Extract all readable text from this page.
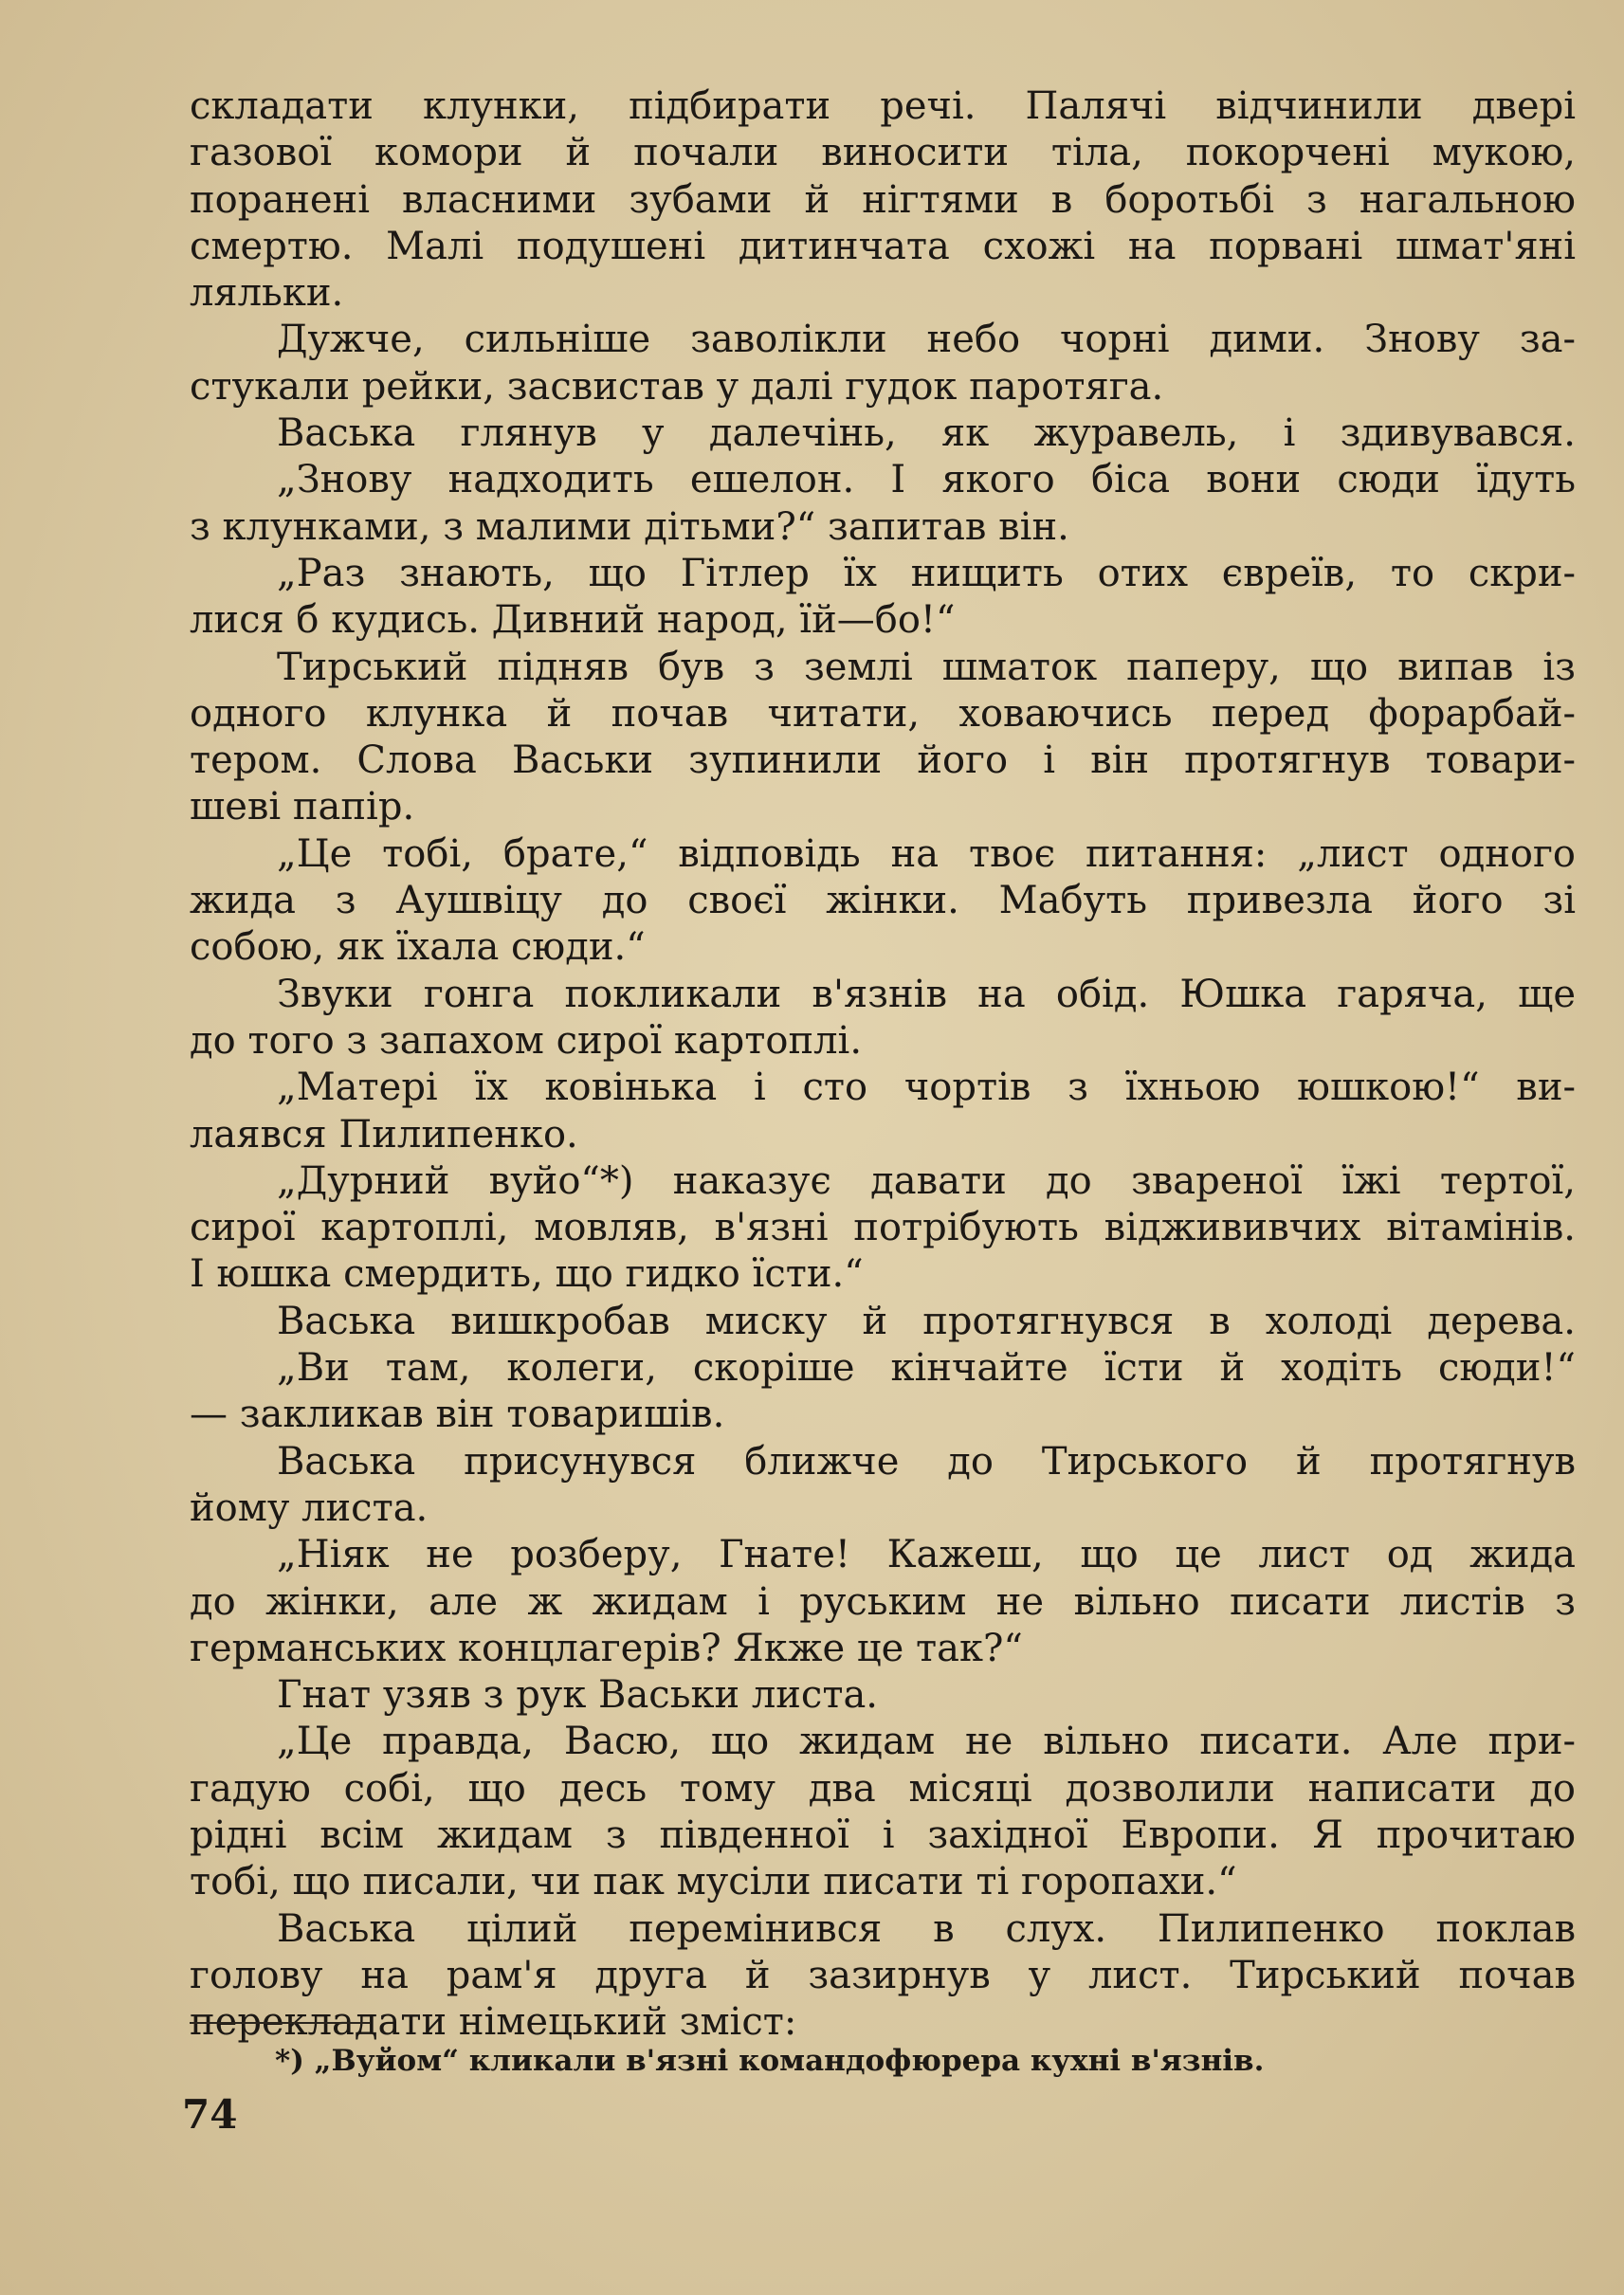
складати клунки, підбирати речі. Палячі відчинили двері
газової комори й почали виносити тіла, покорчені мукою,
поранені власними зубами й нігтями в боротьбі з нагальною
смертю. Малі подушені дитинчата схожі на порвані шмат'яні
ляльки.
Дужче, сильніше заволікли небо чорні дими. Знову за-
стукали рейки, засвистав у далі гудок паротяга.
Васька глянув у далечінь, як журавель, і здивувався.
„Знову надходить ешелон. І якого біса вони сюди їдуть
з клунками, з малими дітьми?“ запитав він.
„Раз знають, що Гітлер їх нищить отих євреїв, то скри-
лися б кудись. Дивний народ, їй—бо!“
Тирський підняв був з землі шматок паперу, що випав із
одного клунка й почав читати, ховаючись перед форарбай-
тером. Слова Васьки зупинили його і він протягнув товари-
шеві папір.
„Це тобі, брате,“ відповідь на твоє питання: „лист одного
жида з Аушвіцу до своєї жінки. Мабуть привезла його зі
собою, як їхала сюди.“
Звуки гонга покликали в'язнів на обід. Юшка гаряча, ще
до того з запахом сирої картоплі.
„Матері їх ковінька і сто чортів з їхньою юшкою!“ ви-
лаявся Пилипенко.
„Дурний вуйо“*) наказує давати до звареної їжі тертої,
сирої картоплі, мовляв, в'язні потрібують віджививчих вітамінів.
І юшка смердить, що гидко їсти.“
Васька вишкробав миску й протягнувся в холоді дерева.
„Ви там, колеги, скоріше кінчайте їсти й ходіть сюди!“
— закликав він товаришів.
Васька присунувся ближче до Тирського й протягнув
йому листа.
„Ніяк не розберу, Гнате! Кажеш, що це лист од жида
до жінки, але ж жидам і руським не вільно писати листів з
германських концлагерів? Якже це так?“
Гнат узяв з рук Васьки листа.
„Це правда, Васю, що жидам не вільно писати. Але при-
гадую собі, що десь тому два місяці дозволили написати до
рідні всім жидам з південної і західної Европи. Я прочитаю
тобі, що писали, чи пак мусіли писати ті горопахи.“
Васька цілий перемінився в слух. Пилипенко поклав
голову на рам'я друга й зазирнув у лист. Тирський почав
перекладати німецький зміст:
*) „Вуйом“ кликали в'язні командофюрера кухні в'язнів.
74
